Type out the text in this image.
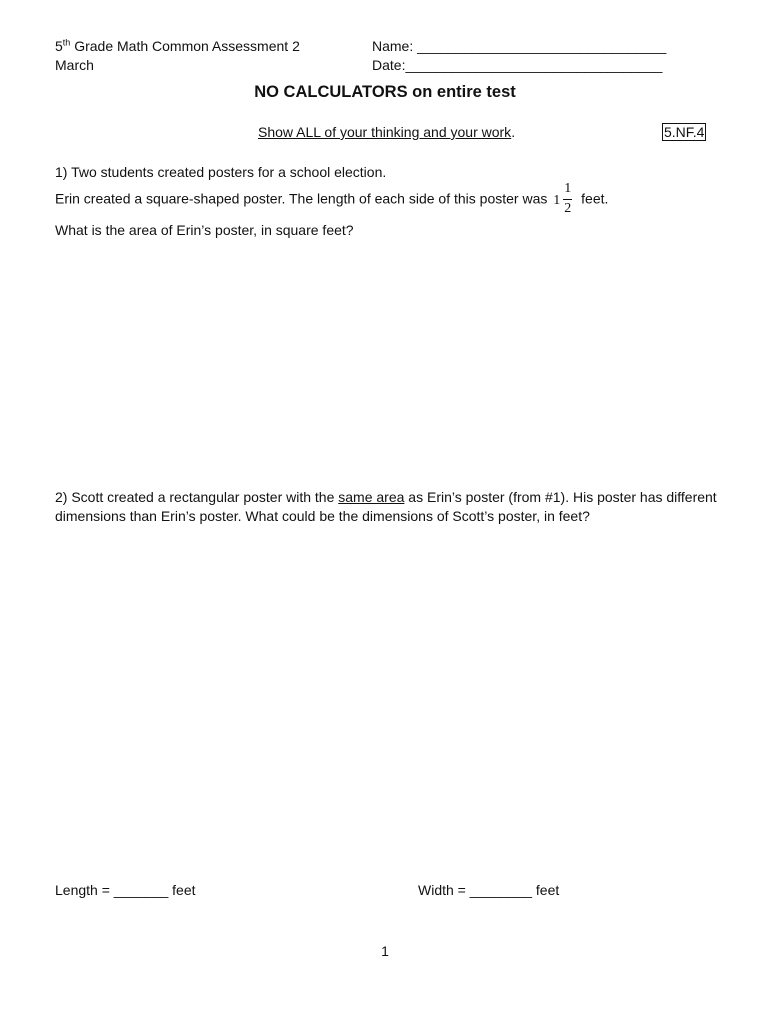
5th Grade Math Common Assessment 2
March
Name: ________________________________
Date:_________________________________
NO CALCULATORS on entire test
Show ALL of your thinking and your work.	5.NF.4
1) Two students created posters for a school election.
Erin created a square-shaped poster. The length of each side of this poster was 1
1
2
feet.
What is the area of Erin’s poster, in square feet?
2) Scott created a rectangular poster with the same area as Erin’s poster (from #1). His poster has different dimensions than Erin’s poster. What could be the dimensions of Scott’s poster, in feet?
Length = _______ feet	Width = ________ feet
1
